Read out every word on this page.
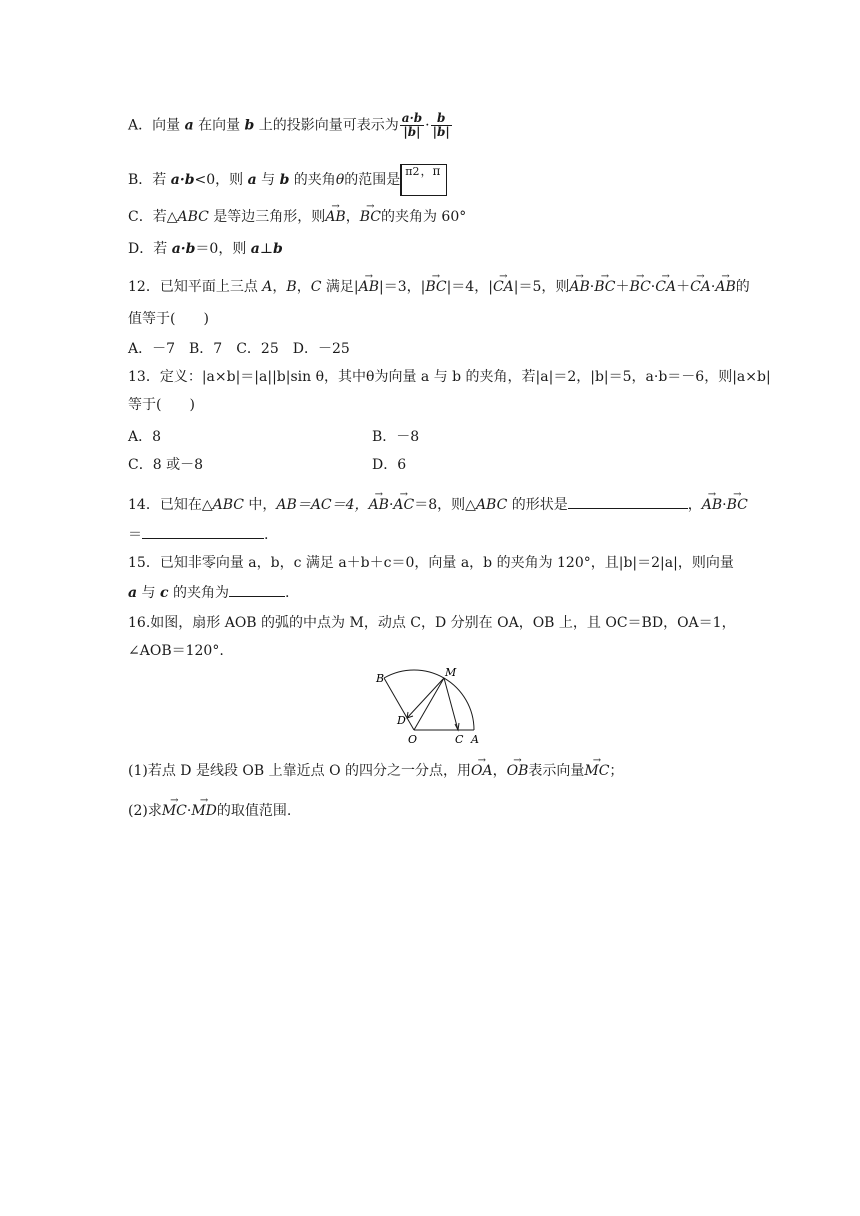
A．向量 a 在向量 b 上的投影向量可表示为 $\frac{a\cdot b}{|b|} \cdot \frac{b}{|b|}$
B．若 a·b<0，则 a 与 b 的夹角θ的范围是π2，π
C．若△ABC 是等边三角形，则→ AB，→ BC的夹角为 60°
D．若 a·b＝0，则 a⊥b
12．已知平面上三点 A，B，C 满足|→ AB|＝3，|→ BC|＝4，|→ CA|＝5，则→ AB·→ BC＋→ BC·→ CA＋→ CA·→ AB的
值等于(　　)
A．－7　B．7　C．25　D．－25
13．定义：|a×b|＝|a||b|sin θ，其中θ为向量 a 与 b 的夹角，若|a|＝2，|b|＝5，a·b＝－6，则|a×b|
等于(　　)
A．8	B．－8
C．8 或－8	D．6
14．已知在△ABC 中，AB＝AC＝4，→ AB·→ AC＝8，则△ABC 的形状是	，→ AB·→ BC
＝	.
15．已知非零向量 a，b，c 满足 a＋b＋c＝0，向量 a，b 的夹角为 120°，且|b|＝2|a|，则向量
a 与 c 的夹角为	.
16.如图，扇形 AOB 的弧的中点为 M，动点 C，D 分别在 OA，OB 上，且 OC＝BD，OA＝1，
∠AOB＝120°.
B	M
D
O	C A
(1)若点 D 是线段 OB 上靠近点 O 的四分之一分点，用→ OA，→ OB表示向量→ MC；
(2)求→ MC·→ MD的取值范围.
